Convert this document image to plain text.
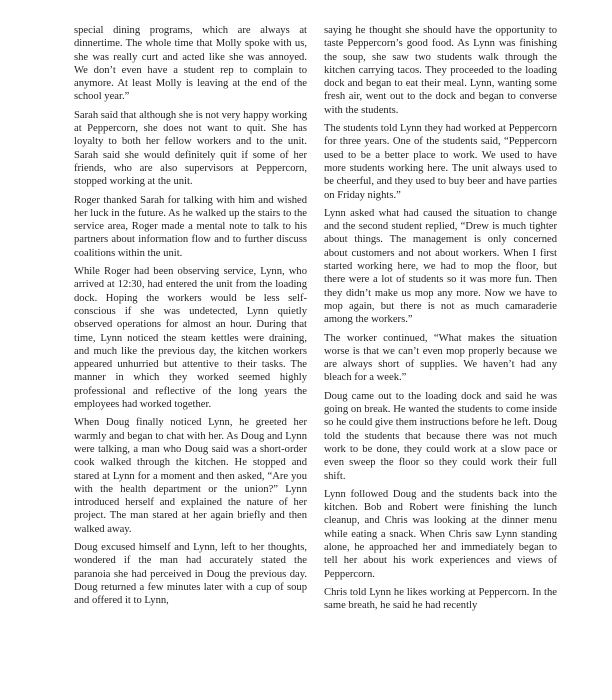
special dining programs, which are always at dinnertime. The whole time that Molly spoke with us, she was really curt and acted like she was annoyed. We don’t even have a student rep to complain to anymore. At least Molly is leaving at the end of the school year.”

Sarah said that although she is not very happy working at Peppercorn, she does not want to quit. She has loyalty to both her fellow workers and to the unit. Sarah said she would definitely quit if some of her friends, who are also supervisors at Peppercorn, stopped working at the unit.

Roger thanked Sarah for talking with him and wished her luck in the future. As he walked up the stairs to the service area, Roger made a mental note to talk to his partners about information flow and to further discuss coalitions within the unit.

While Roger had been observing service, Lynn, who arrived at 12:30, had entered the unit from the loading dock. Hoping the workers would be less self-conscious if she was undetected, Lynn quietly observed operations for almost an hour. During that time, Lynn noticed the steam kettles were draining, and much like the previous day, the kitchen workers appeared unhurried but attentive to their tasks. The manner in which they worked seemed highly professional and reflective of the long years the employees had worked together.

When Doug finally noticed Lynn, he greeted her warmly and began to chat with her. As Doug and Lynn were talking, a man who Doug said was a short-order cook walked through the kitchen. He stopped and stared at Lynn for a moment and then asked, “Are you with the health department or the union?” Lynn introduced herself and explained the nature of her project. The man stared at her again briefly and then walked away.

Doug excused himself and Lynn, left to her thoughts, wondered if the man had accurately stated the paranoia she had perceived in Doug the previous day. Doug returned a few minutes later with a cup of soup and offered it to Lynn,

saying he thought she should have the opportunity to taste Peppercorn’s good food. As Lynn was finishing the soup, she saw two students walk through the kitchen carrying tacos. They proceeded to the loading dock and began to eat their meal. Lynn, wanting some fresh air, went out to the dock and began to converse with the students.

The students told Lynn they had worked at Peppercorn for three years. One of the students said, “Peppercorn used to be a better place to work. We used to have more students working here. The unit always used to be cheerful, and they used to buy beer and have parties on Friday nights.”

Lynn asked what had caused the situation to change and the second student replied, “Drew is much tighter about things. The management is only concerned about customers and not about workers. When I first started working here, we had to mop the floor, but there were a lot of students so it was more fun. Then they didn’t make us mop any more. Now we have to mop again, but there is not as much camaraderie among the workers.”

The worker continued, “What makes the situation worse is that we can’t even mop properly because we are always short of supplies. We haven’t had any bleach for a week.”

Doug came out to the loading dock and said he was going on break. He wanted the students to come inside so he could give them instructions before he left. Doug told the students that because there was not much work to be done, they could work at a slow pace or even sweep the floor so they could work their full shift.

Lynn followed Doug and the students back into the kitchen. Bob and Robert were finishing the lunch cleanup, and Chris was looking at the dinner menu while eating a snack. When Chris saw Lynn standing alone, he approached her and immediately began to tell her about his work experiences and views of Peppercorn.

Chris told Lynn he likes working at Peppercorn. In the same breath, he said he had recently
